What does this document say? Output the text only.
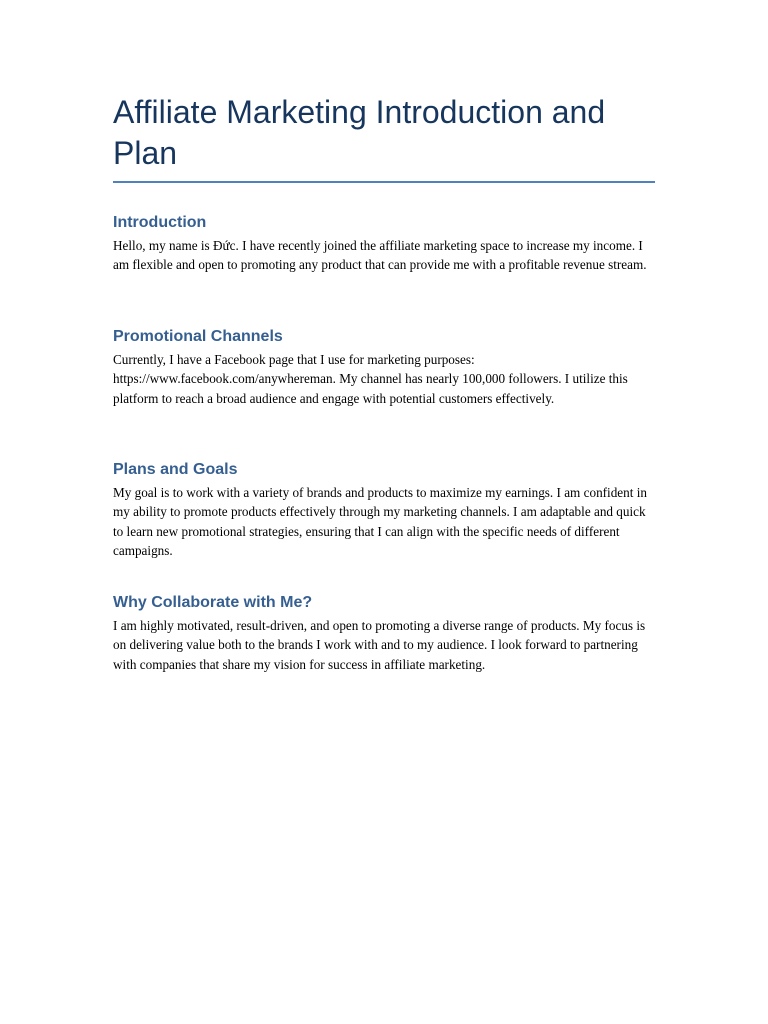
Affiliate Marketing Introduction and Plan
Introduction

Hello, my name is Đức. I have recently joined the affiliate marketing space to increase my income. I am flexible and open to promoting any product that can provide me with a profitable revenue stream.

Promotional Channels

Currently, I have a Facebook page that I use for marketing purposes: https://www.facebook.com/anywhereman. My channel has nearly 100,000 followers. I utilize this platform to reach a broad audience and engage with potential customers effectively.

Plans and Goals

My goal is to work with a variety of brands and products to maximize my earnings. I am confident in my ability to promote products effectively through my marketing channels. I am adaptable and quick to learn new promotional strategies, ensuring that I can align with the specific needs of different campaigns.

Why Collaborate with Me?

I am highly motivated, result-driven, and open to promoting a diverse range of products. My focus is on delivering value both to the brands I work with and to my audience. I look forward to partnering with companies that share my vision for success in affiliate marketing.
